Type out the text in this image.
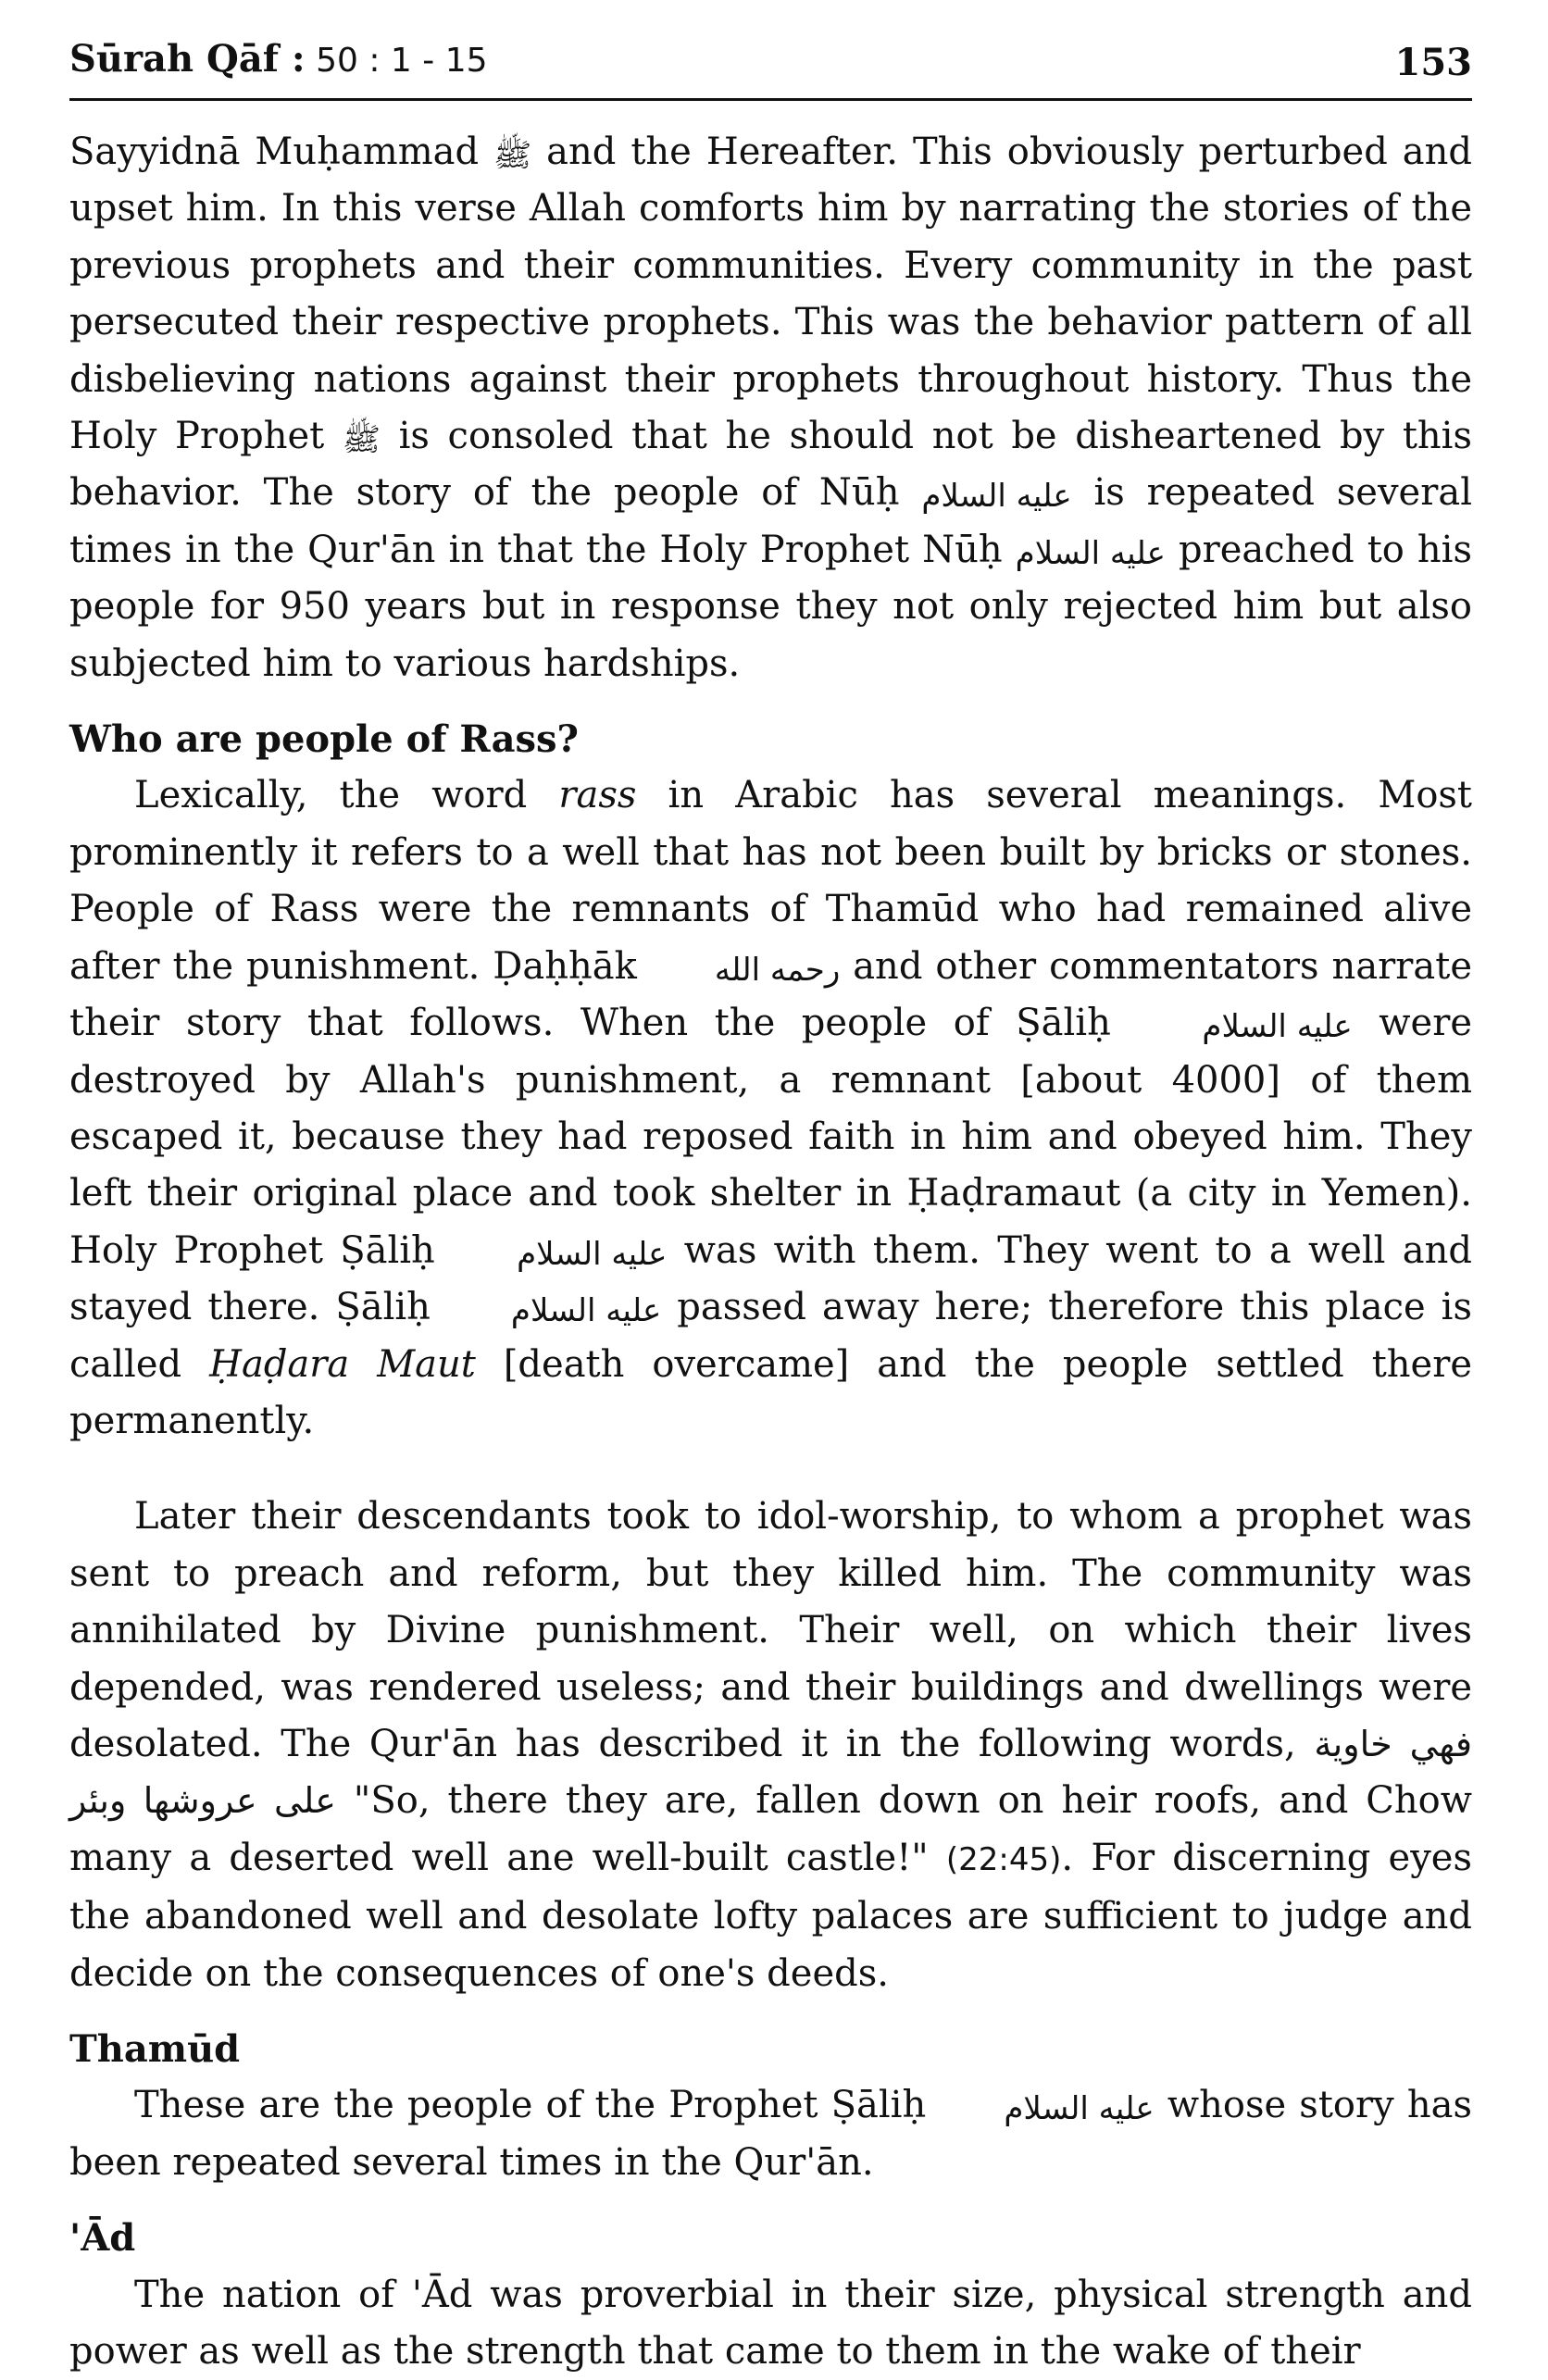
Sūrah Qāf : 50 : 1 - 15	153

Sayyidnā Muḥammad ﷺ and the Hereafter. This obviously perturbed and upset him. In this verse Allah comforts him by narrating the stories of the previous prophets and their communities. Every community in the past persecuted their respective prophets. This was the behavior pattern of all disbelieving nations against their prophets throughout history. Thus the Holy Prophet ﷺ is consoled that he should not be disheartened by this behavior. The story of the people of Nūḥ عليه السلام is repeated several times in the Qur'ān in that the Holy Prophet Nūḥ عليه السلام preached to his people for 950 years but in response they not only rejected him but also subjected him to various hardships.

Who are people of Rass?

Lexically, the word rass in Arabic has several meanings. Most prominently it refers to a well that has not been built by bricks or stones. People of Rass were the remnants of Thamūd who had remained alive after the punishment. Ḍaḥḥāk رحمه الله and other commentators narrate their story that follows. When the people of Ṣāliḥ عليه السلام were destroyed by Allah's punishment, a remnant [about 4000] of them escaped it, because they had reposed faith in him and obeyed him. They left their original place and took shelter in Ḥaḍramaut (a city in Yemen). Holy Prophet Ṣāliḥ عليه السلام was with them. They went to a well and stayed there. Ṣāliḥ عليه السلام passed away here; therefore this place is called Ḥaḍara Maut [death overcame] and the people settled there permanently.

Later their descendants took to idol-worship, to whom a prophet was sent to preach and reform, but they killed him. The community was annihilated by Divine punishment. Their well, on which their lives depended, was rendered useless; and their buildings and dwellings were desolated. The Qur'ān has described it in the following words, فهي خاوية على عروشها وبئر "So, there they are, fallen down on heir roofs, and Chow many a deserted well ane well-built castle!" (22:45). For discerning eyes the abandoned well and desolate lofty palaces are sufficient to judge and decide on the consequences of one's deeds.

Thamūd

These are the people of the Prophet Ṣāliḥ عليه السلام whose story has been repeated several times in the Qur'ān.

'Ād

The nation of 'Ād was proverbial in their size, physical strength and power as well as the strength that came to them in the wake of their
